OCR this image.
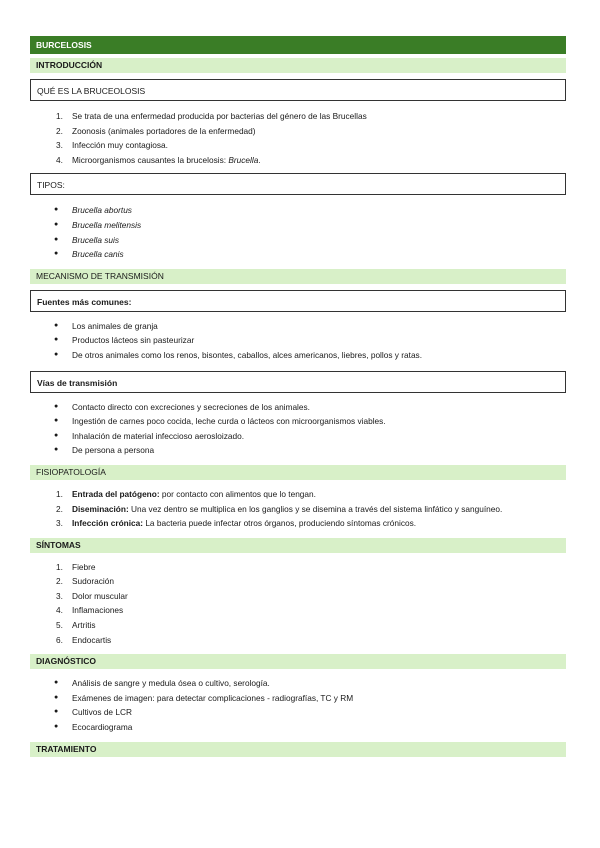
BURCELOSIS
INTRODUCCIÓN
QUÉ ES LA BRUCEOLOSIS
1. Se trata de una enfermedad producida por bacterias del género de las Brucellas
2. Zoonosis (animales portadores de la enfermedad)
3. Infección muy contagiosa.
4. Microorganismos causantes la brucelosis: Brucella.
TIPOS:
● Brucella abortus
● Brucella melitensis
● Brucella suis
● Brucella canis
MECANISMO DE TRANSMISIÓN
Fuentes más comunes:
● Los animales de granja
● Productos lácteos sin pasteurizar
● De otros animales como los renos, bisontes, caballos, alces americanos, liebres, pollos y ratas.
Vías de transmisión
● Contacto directo con excreciones y secreciones de los animales.
● Ingestión de carnes poco cocida, leche curda o lácteos con microorganismos viables.
● Inhalación de material infeccioso aerosloizado.
● De persona a persona
FISIOPATOLOGÍA
1. Entrada del patógeno: por contacto con alimentos que lo tengan.
2. Diseminación: Una vez dentro se multiplica en los ganglios y se disemina a través del sistema linfático y sanguíneo.
3. Infección crónica: La bacteria puede infectar otros órganos, produciendo síntomas crónicos.
SÍNTOMAS
1. Fiebre
2. Sudoración
3. Dolor muscular
4. Inflamaciones
5. Artritis
6. Endocartis
DIAGNÓSTICO
● Análisis de sangre y medula ósea o cultivo, serología.
● Exámenes de imagen: para detectar complicaciones - radiografías, TC y RM
● Cultivos de LCR
● Ecocardiograma
TRATAMIENTO
